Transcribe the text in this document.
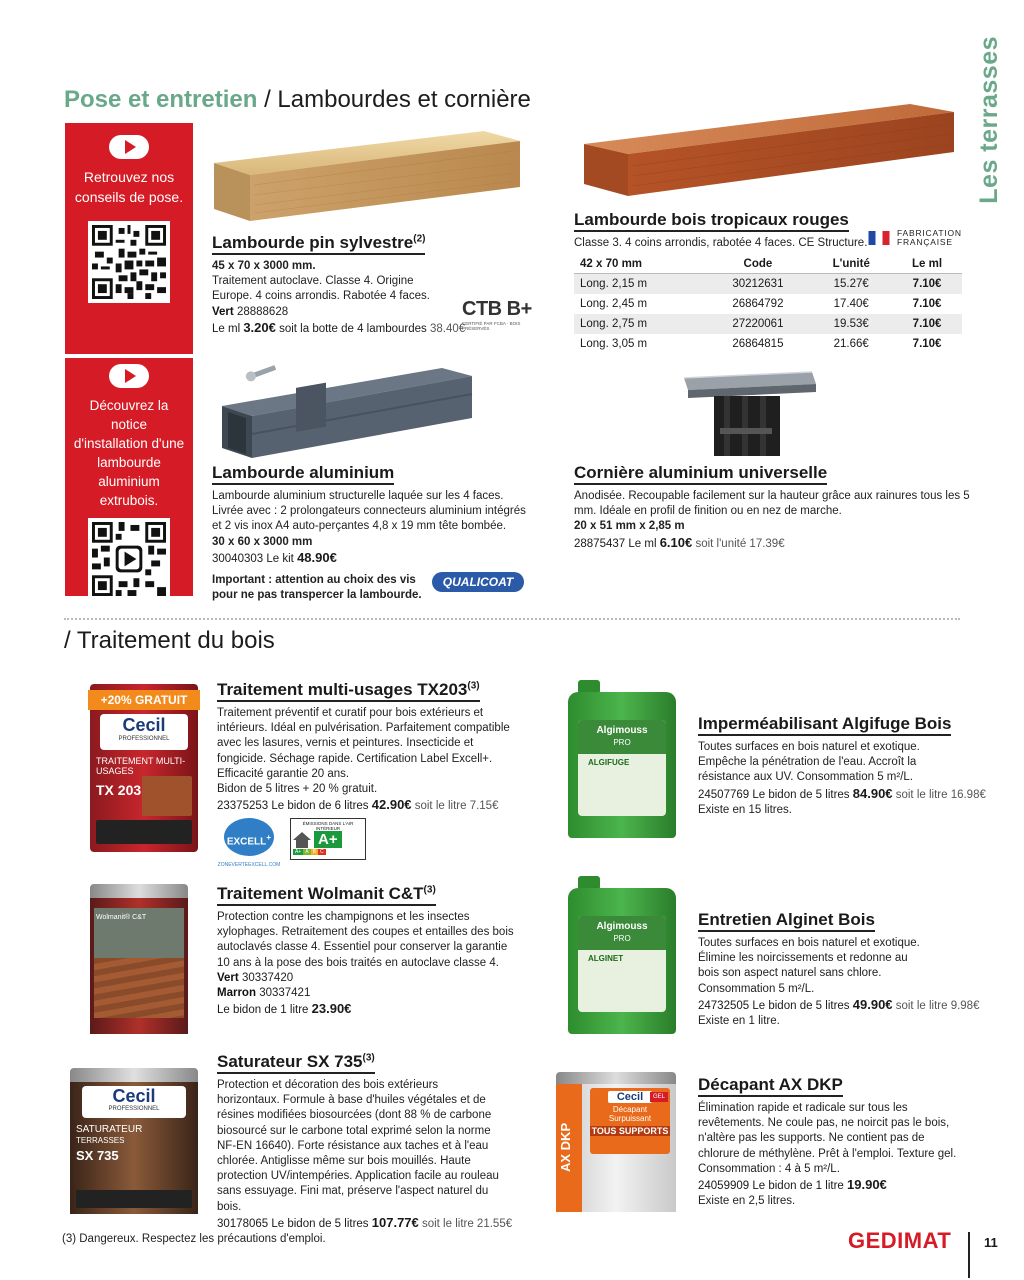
Les terrasses
Pose et entretien / Lambourdes et cornière
Retrouvez nos conseils de pose.
Découvrez la notice d'installation d'une lambourde aluminium extrubois.
Lambourde pin sylvestre$^{(2)}$
45 x 70 x 3000 mm.
Traitement autoclave. Classe 4. Origine Europe. 4 coins arrondis. Rabotée 4 faces.
Vert 28888628
Le ml 3.20€ soit la botte de 4 lambourdes 38.40€
CTB B+
CERTIFIÉ PAR FCBA · BOIS PRÉSERVÉS
Lambourde bois tropicaux rouges
Classe 3. 4 coins arrondis, rabotée 4 faces. CE Structure.
FABRICATION
FRANÇAISE
42 x 70 mm	Code	L'unité	Le ml
Long. 2,15 m	30212631	15.27€	7.10€
Long. 2,45 m	26864792	17.40€	7.10€
Long. 2,75 m	27220061	19.53€	7.10€
Long. 3,05 m	26864815	21.66€	7.10€
Lambourde aluminium
Lambourde aluminium structurelle laquée sur les 4 faces. Livrée avec : 2 prolongateurs connecteurs aluminium intégrés et 2 vis inox A4 auto-perçantes 4,8 x 19 mm tête bombée.
30 x 60 x 3000 mm
30040303 Le kit 48.90€
Important : attention au choix des vis pour ne pas transpercer la lambourde.
QUALICOAT
Cornière aluminium universelle
Anodisée. Recoupable facilement sur la hauteur grâce aux rainures tous les 5 mm. Idéale en profil de finition ou en nez de marche.
20 x 51 mm x 2,85 m
28875437 Le ml 6.10€ soit l'unité 17.39€
/ Traitement du bois
+20% GRATUIT
Cecil
PROFESSIONNEL
TRAITEMENT MULTI-USAGES
TX 203
Traitement multi-usages TX203$^{(3)}$
Traitement préventif et curatif pour bois extérieurs et intérieurs. Idéal en pulvérisation. Parfaitement compatible avec les lasures, vernis et peintures. Insecticide et fongicide. Séchage rapide. Certification Label Excell+. Efficacité garantie 20 ans.
Bidon de 5 litres + 20 % gratuit.
23375253 Le bidon de 6 litres 42.90€ soit le litre 7.15€
EXCELL+
ZONEVERTEEXCELL.COM
ÉMISSIONS DANS L'AIR INTÉRIEUR
A+
A+ A B C
Wolmanit® C&T
Traitement Wolmanit $C\&T^{(3)}$
Protection contre les champignons et les insectes xylophages. Retraitement des coupes et entailles des bois autoclavés classe 4. Essentiel pour conserver la garantie 10 ans à la pose des bois traités en autoclave classe 4.
Vert 30337420
Marron 30337421
Le bidon de 1 litre 23.90€
Cecil
PROFESSIONNEL
SATURATEUR
TERRASSES
SX 735
Saturateur SX 735$^{(3)}$
Protection et décoration des bois extérieurs horizontaux. Formule à base d'huiles végétales et de résines modifiées biosourcées (dont 88 % de carbone biosourcé sur le carbone total exprimé selon la norme NF-EN 16640). Forte résistance aux taches et à l'eau chlorée. Antiglisse même sur bois mouillés. Haute protection UV/intempéries. Application facile au rouleau sans essuyage. Fini mat, préserve l'aspect naturel du bois.
30178065 Le bidon de 5 litres 107.77€ soit le litre 21.55€
Algimouss
PRO
ALGIFUGE
Imperméabilisant Algifuge Bois
Toutes surfaces en bois naturel et exotique. Empêche la pénétration de l'eau. Accroît la résistance aux UV. Consommation 5 m²/L.
24507769 Le bidon de 5 litres 84.90€ soit le litre 16.98€
Existe en 15 litres.
Algimouss
PRO
ALGINET
Entretien Alginet Bois
Toutes surfaces en bois naturel et exotique. Élimine les noircissements et redonne au bois son aspect naturel sans chlore. Consommation 5 m²/L.
24732505 Le bidon de 5 litres 49.90€ soit le litre 9.98€
Existe en 1 litre.
AX DKP
Cecil
Décapant
Surpuissant
TOUS SUPPORTS
GEL
Décapant AX DKP
Élimination rapide et radicale sur tous les revêtements. Ne coule pas, ne noircit pas le bois, n'altère pas les supports. Ne contient pas de chlorure de méthylène. Prêt à l'emploi. Texture gel. Consommation : 4 à 5 m²/L.
24059909 Le bidon de 1 litre 19.90€
Existe en 2,5 litres.
(3) Dangereux. Respectez les précautions d'emploi.	GEDIMAT	11
